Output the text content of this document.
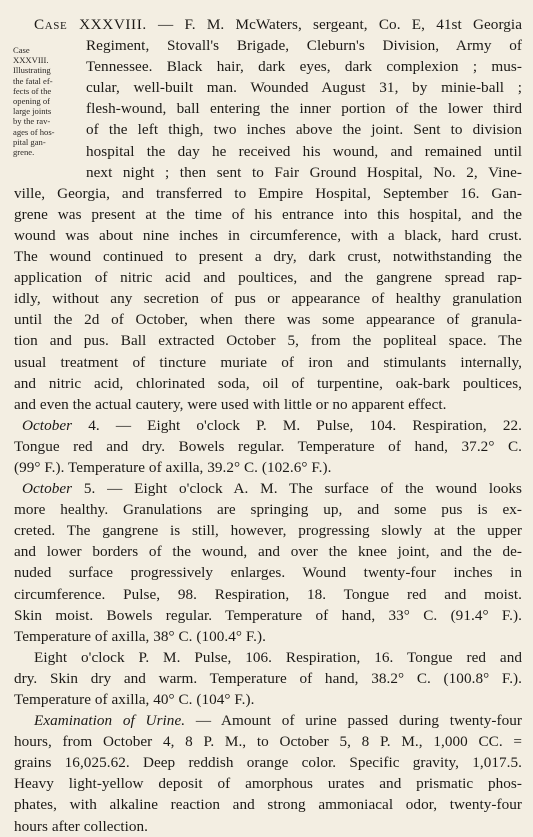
Case
XXXVIII.
Illustrating
the fatal ef-
fects of the
opening of
large joints
by the rav-
ages of hos-
pital gan-
grene.
Case XXXVIII. — F. M. McWaters, sergeant, Co. E, 41st Georgia
Regiment, Stovall's Brigade, Cleburn's Division, Army of
Tennessee. Black hair, dark eyes, dark complexion ; mus-
cular, well-built man. Wounded August 31, by minie-ball ;
flesh-wound, ball entering the inner portion of the lower third
of the left thigh, two inches above the joint. Sent to division
hospital the day he received his wound, and remained until
next night ; then sent to Fair Ground Hospital, No. 2, Vine-
ville, Georgia, and transferred to Empire Hospital, September 16. Gan-
grene was present at the time of his entrance into this hospital, and the
wound was about nine inches in circumference, with a black, hard crust.
The wound continued to present a dry, dark crust, notwithstanding the
application of nitric acid and poultices, and the gangrene spread rap-
idly, without any secretion of pus or appearance of healthy granulation
until the 2d of October, when there was some appearance of granula-
tion and pus. Ball extracted October 5, from the popliteal space. The
usual treatment of tincture muriate of iron and stimulants internally,
and nitric acid, chlorinated soda, oil of turpentine, oak-bark poultices,
and even the actual cautery, were used with little or no apparent effect.
October 4. — Eight o'clock P. M. Pulse, 104. Respiration, 22.
Tongue red and dry. Bowels regular. Temperature of hand, 37.2° C.
(99° F.). Temperature of axilla, 39.2° C. (102.6° F.).
October 5. — Eight o'clock A. M. The surface of the wound looks
more healthy. Granulations are springing up, and some pus is ex-
creted. The gangrene is still, however, progressing slowly at the upper
and lower borders of the wound, and over the knee joint, and the de-
nuded surface progressively enlarges. Wound twenty-four inches in
circumference. Pulse, 98. Respiration, 18. Tongue red and moist.
Skin moist. Bowels regular. Temperature of hand, 33° C. (91.4° F.).
Temperature of axilla, 38° C. (100.4° F.).
Eight o'clock P. M. Pulse, 106. Respiration, 16. Tongue red and
dry. Skin dry and warm. Temperature of hand, 38.2° C. (100.8° F.).
Temperature of axilla, 40° C. (104° F.).
Examination of Urine. — Amount of urine passed during twenty-four
hours, from October 4, 8 P. M., to October 5, 8 P. M., 1,000 CC. =
grains 16,025.62. Deep reddish orange color. Specific gravity, 1,017.5.
Heavy light-yellow deposit of amorphous urates and prismatic phos-
phates, with alkaline reaction and strong ammoniacal odor, twenty-four
hours after collection.
